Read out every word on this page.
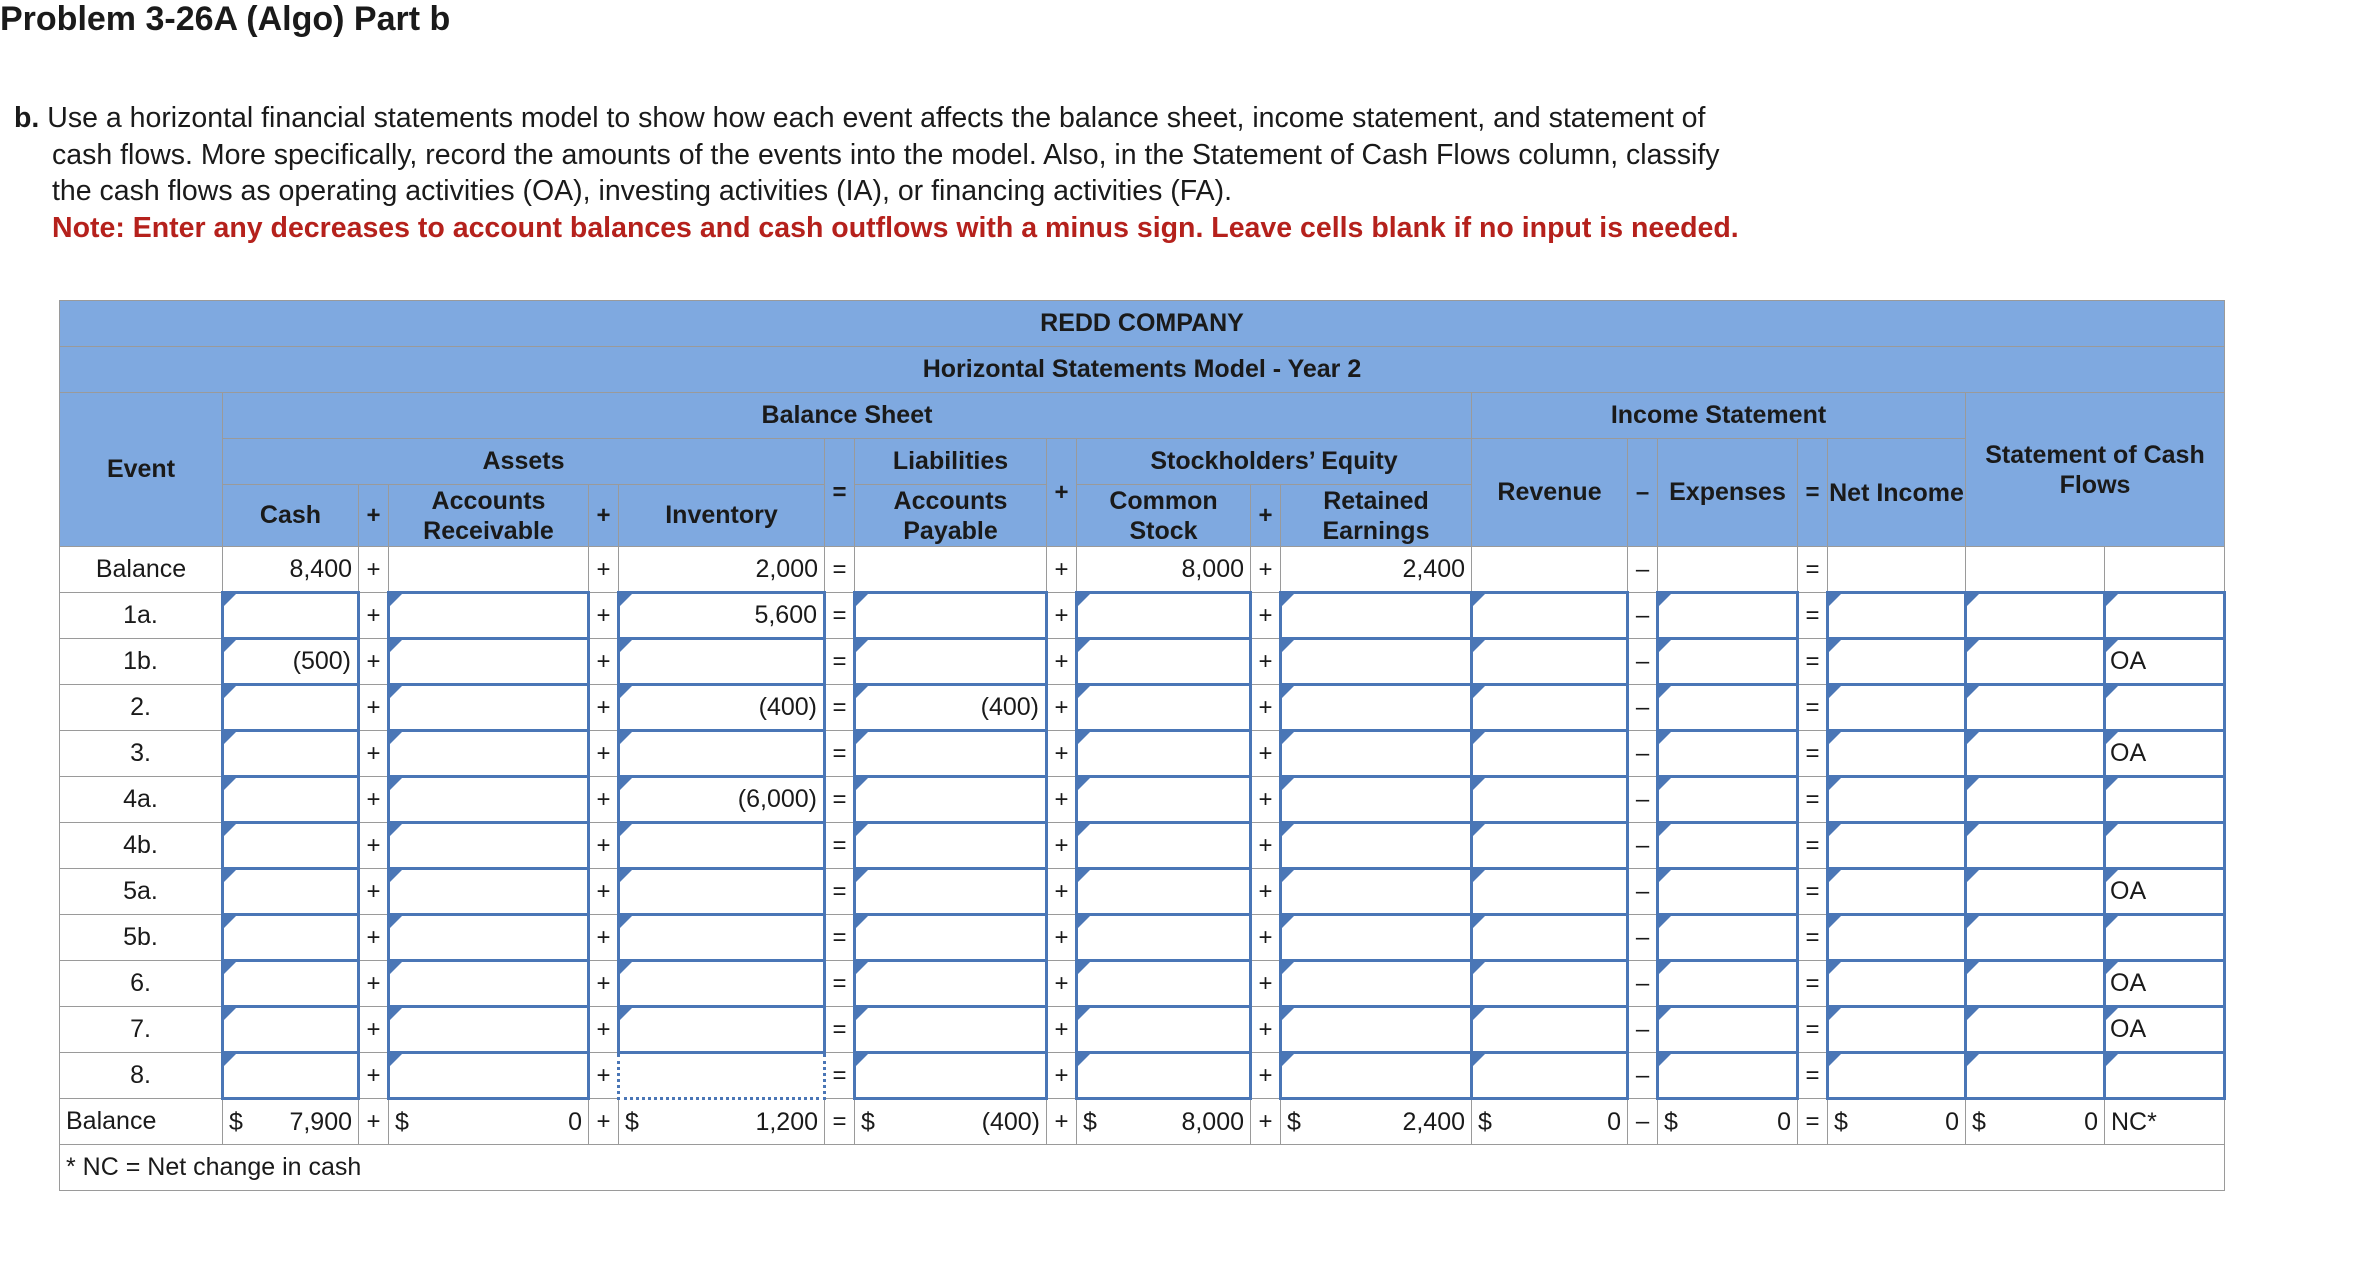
Problem 3-26A (Algo) Part b
b. Use a horizontal financial statements model to show how each event affects the balance sheet, income statement, and statement of
cash flows. More specifically, record the amounts of the events into the model. Also, in the Statement of Cash Flows column, classify
the cash flows as operating activities (OA), investing activities (IA), or financing activities (FA).
Note: Enter any decreases to account balances and cash outflows with a minus sign. Leave cells blank if no input is needed.
REDD COMPANY																		
Horizontal Statements Model - Year 2																		
Event	Balance Sheet											Income Statement					Statement of Cash Flows	
	Assets					=	Liabilities	+	Stockholders’ Equity			Revenue	–	Expenses	=	Net Income		
	Cash	+	Accounts Receivable	+	Inventory		Accounts Payable		Common Stock	+	Retained Earnings							
Balance	8,400	+		+	2,000	=		+	8,000	+	2,400		–		=			
1a.		+		+	5,600	=		+		+			–		=	

1b.	(500)	+		+		=		+		+			–		=			OA

2.		+		+	(400)	=	(400)	+		+			–		=	

3.		+		+		=		+		+			–		=			OA

4a.		+		+	(6,000)	=		+		+			–		=	

4b.		+		+		=		+		+			–		=	

5a.		+		+		=		+		+			–		=			OA

5b.		+		+		=		+		+			–		=	

6.		+		+		=		+		+			–		=			OA

7.		+		+		=		+		+			–		=			OA

8.		+		+		=		+		+			–		=	

Balance	$ 7,900	+	$ 0	+	$ 1,200	=	$ (400)	+	$ 8,000	+	$ 2,400	$ 0	–	$ 0	=	$ 0	$ 0	NC*
* NC = Net change in cash																		
